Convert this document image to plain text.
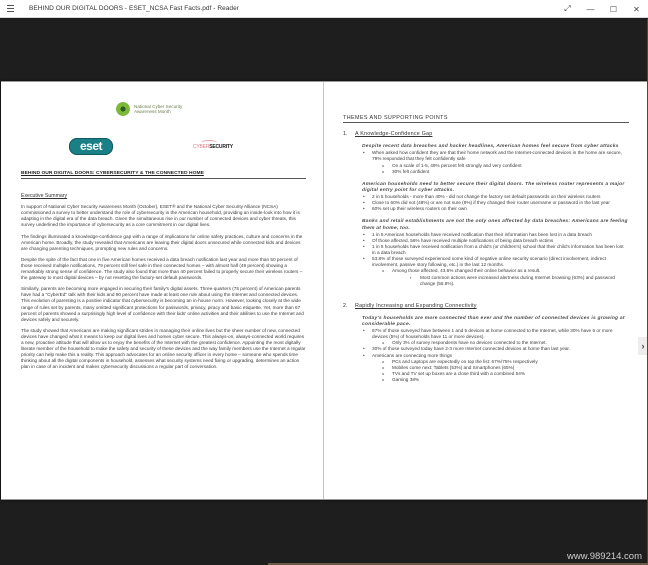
BEHIND OUR DIGITAL DOORS - ESET_NCSA Fast Facts.pdf - Reader	⤢	—	☐	✕
National Cyber Security
Awareness Month
eset	CYBERSECURITY
BEHIND OUR DIGITAL DOORS: CYBERSECURITY & THE CONNECTED HOME
Executive Summary

In support of National Cyber Security Awareness Month (October), ESET® and the National Cyber Security Alliance (NCSA) commissioned a survey to better understand the role of cybersecurity in the American household, providing an inside-look into how it is adapting in the digital era of the data breach. Given the simultaneous rise in our number of connected devices and cyber threats, this survey underlined the importance of cybersecurity as a core commitment in our digital lives.

The findings illuminated a knowledge-confidence gap with a range of implications for online safety practices, culture and concerns in the American home. Broadly, the study revealed that Americans are leaving their digital doors unsecured while connected kids and devices are changing parenting techniques, prompting new rules and concerns.

Despite the spite of the fact that one in five American homes received a data breach notification last year and more than 50 percent of those received multiple notifications, 79 percent still feel safe in their connected homes – with almost half (49 percent) showing a remarkably strong sense of confidence. The study also found that more than 40 percent failed to properly secure their wireless routers – the gateway to most digital devices – by not resetting the factory-set default passwords.

Similarly, parents are becoming more engaged in securing their family's digital assets. Three-quarters (75 percent) of American parents have had a "CyberEd" talk with their kids and 90 percent have made at least one rule about using the Internet and connected devices. This evolution of parenting is a positive indicator that cybersecurity is becoming an in-house norm. However, looking closely at the wide range of rules set by parents, many omitted significant protections for passwords, privacy, piracy and basic etiquette. Yet, more than 67 percent of parents showed a surprisingly high level of confidence with their kids' online activities and their abilities to use the Internet and devices safely and securely.

The study showed that Americans are making significant strides in managing their online lives but the sheer number of new, connected devices have changed what it means to keep our digital lives and homes cyber secure. This always-on, always-connected world requires a new, proactive attitude that will allow us to enjoy the benefits of the Internet with the greatest confidence. Appointing the most digitally literate member of the household to make the safety and security of these devices and the way family members use the Internet a regular priority can help make this a reality. This approach advocates for an online security officer in every home – someone who spends time thinking about all the digital components in household, assesses what security systems need fixing or upgrading, determines an action plan in case of an incident and makes cybersecurity discussions a regular part of conversation.

THEMES AND SUPPORTING POINTS
1.	A Knowledge-Confidence Gap
Despite recent data breaches and hacker headlines, American homes feel secure from cyber attacks
• When asked how confident they are that their home network and the Internet-connected devices in the home are secure, 79% responded that they felt confidently safe
o On a scale of 1-5, 49% percent felt strongly and very confident
o 30% felt confident
American households need to better secure their digital doors. The wireless router represents a major digital entry point for cyber attacks.
• 2 in 5 households - more than 40% - did not change the factory set default passwords on their wireless routers
• Close to 60% did not (48%) or are not sure (9%) if they changed their router username or password in the last year
• 60% set up their wireless routers on their own
Banks and retail establishments are not the only ones affected by data breaches: Americans are feeling them at home, too.
• 1 in 5 American households have received notification that their information has been lost in a data breach
• Of those affected, 56% have received multiple notifications of being data breach victims
• 1 in 5 households have received notification from a child's (or children's) school that their child's information has been lost in a data breach
• 53.8% of those surveyed experienced some kind of negative online security scenario (direct involvement, indirect involvement, passive story following, etc.) in the last 12 months.
o Among those affected, 43.6% changed their online behavior as a result.
▪ Most common actions were increased alertness during Internet browsing (63%) and password change (55.8%).
2.	Rapidly Increasing and Expanding Connectivity
Today's households are more connected than ever and the number of connected devices is growing at considerable pace.
• 67% of those surveyed have between 1 and 5 devices at home connected to the Internet, while 30% have 6 or more devices (5%) of households have 11 or more devices).
o Only 3% of survey respondents have no devices connected to the Internet.
• 30% of those surveyed today have 2-3 more Internet connected devices at home than last year.
• Americans are connecting more things
o PCs and Laptops are expectedly on top the list: 67%/75% respectively
o Mobiles come next: Tablets (53%) and Smartphones (65%)
o TVs and TV set up boxes are a close third with a combined 54%
o Gaming 38%
›
www.989214.com
